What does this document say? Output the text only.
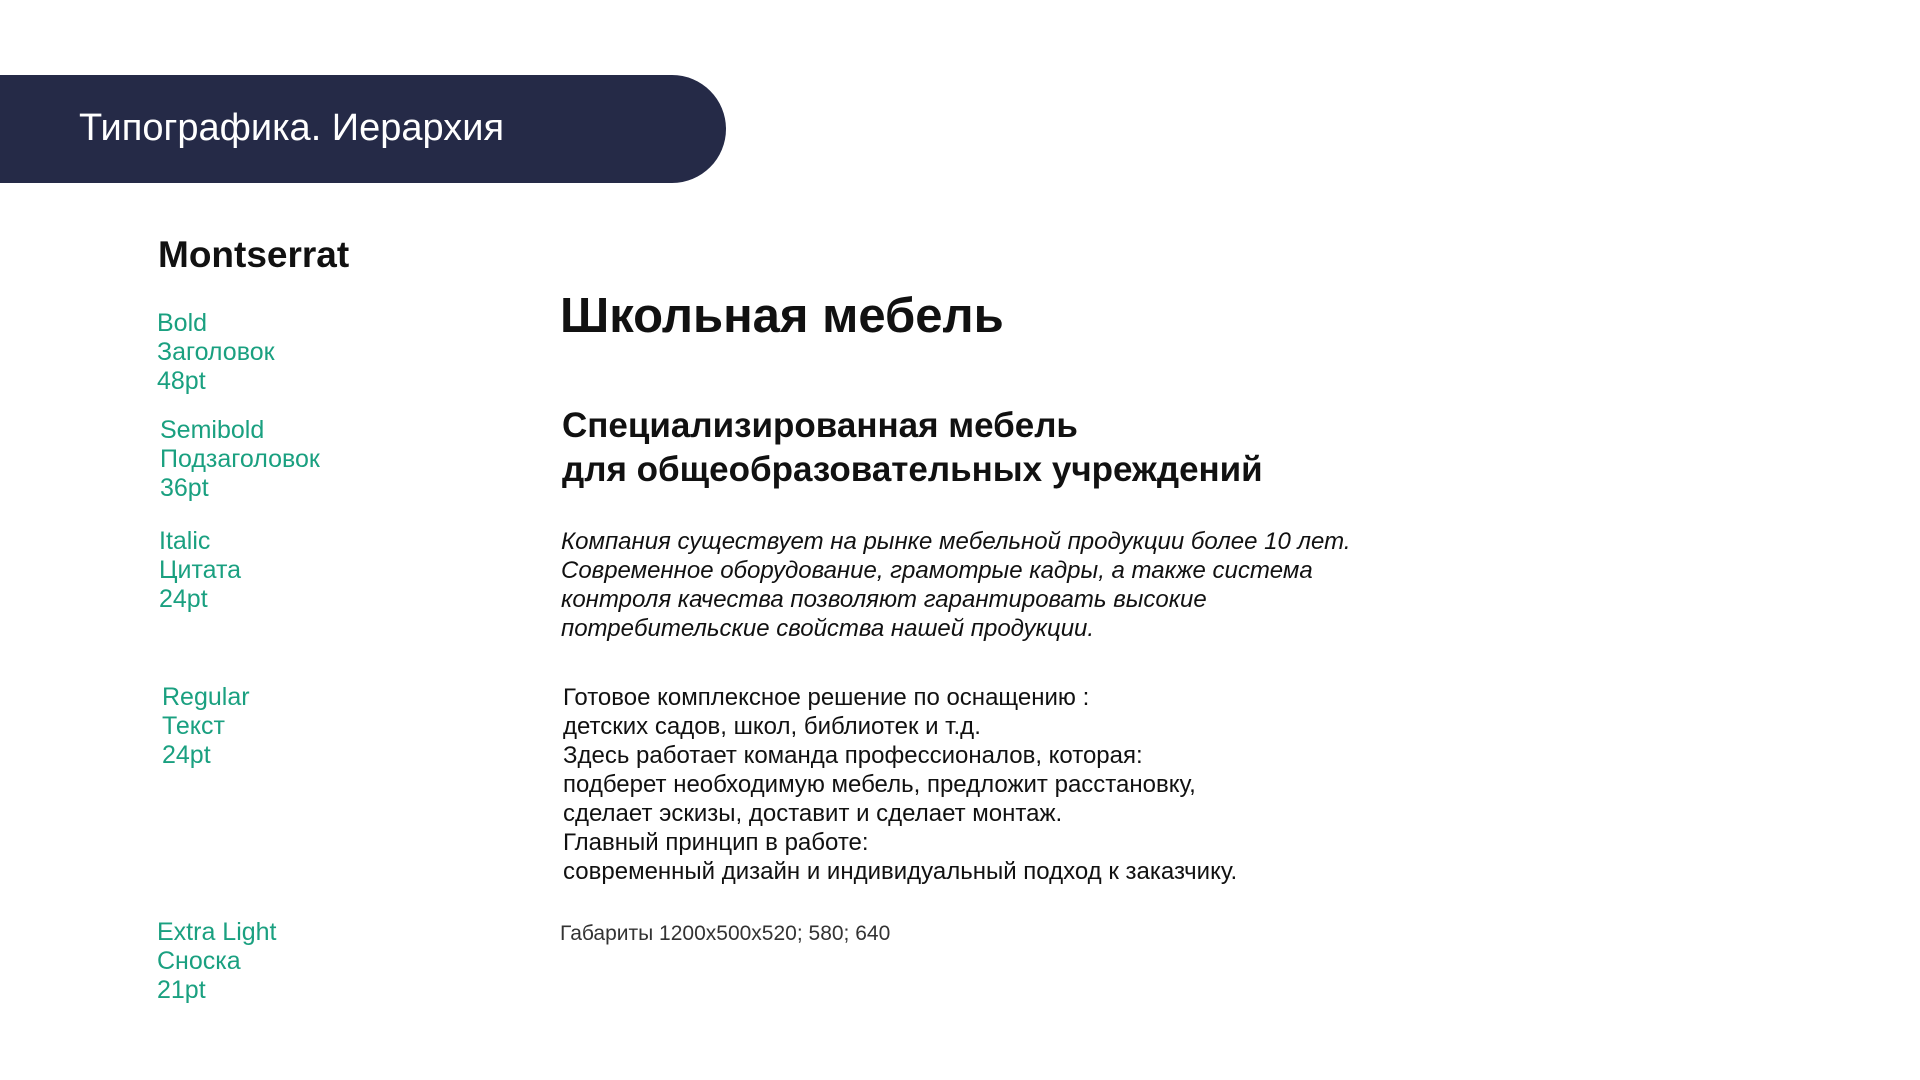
Типографика. Иерархия
Montserrat
Bold
Заголовок
48pt
Школьная мебель
Semibold
Подзаголовок
36pt
Специализированная мебель
для общеобразовательных учреждений
Italic
Цитата
24pt
Компания существует на рынке мебельной продукции более 10 лет.
Современное оборудование, грамотрые кадры, а также система
контроля качества позволяют гарантировать высокие
потребительские свойства нашей продукции.
Regular
Текст
24pt
Готовое комплексное решение по оснащению :
детских садов, школ, библиотек и т.д.
Здесь работает команда профессионалов, которая:
подберет необходимую мебель, предложит расстановку,
сделает эскизы, доставит и сделает монтаж.
Главный принцип в работе:
современный дизайн и индивидуальный подход к заказчику.
Extra Light
Сноска
21pt
Габариты 1200х500х520; 580; 640
